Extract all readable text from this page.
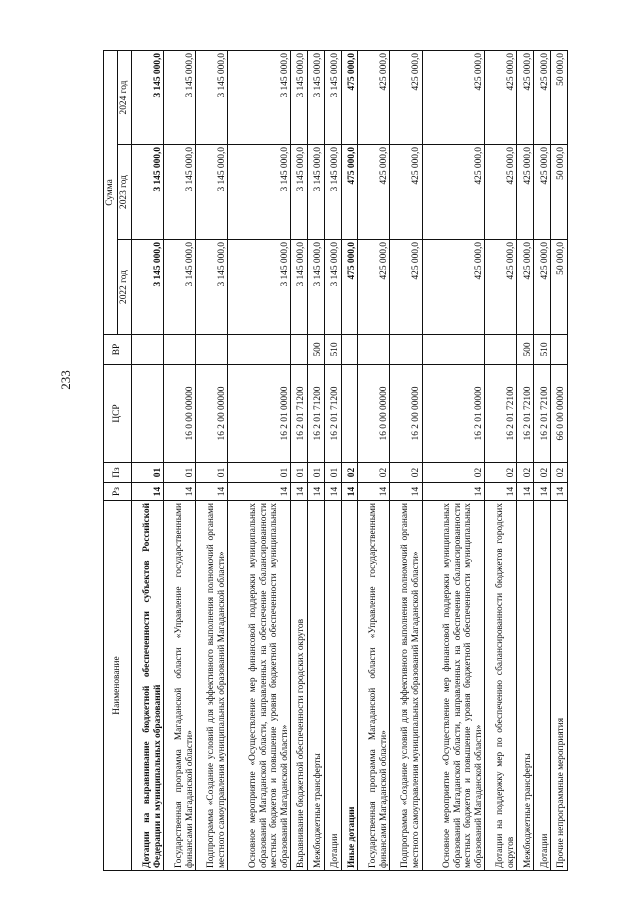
233
Наименование	Рз	Пз	ЦСР	ВР	Сумма		
					2022 год	2023 год	2024 год
Дотации на выравнивание бюджетной обеспеченности субъектов Российской Федерации и муниципальных образований	14	01			3 145 000,0	3 145 000,0	3 145 000,0
Государственная программа Магаданской области «Управление государственными финансами Магаданской области»	14	01	16 0 00 00000		3 145 000,0	3 145 000,0	3 145 000,0
Подпрограмма «Создание условий для эффективного выполнения полномочий органами местного самоуправления муниципальных образований Магаданской области»	14	01	16 2 00 00000		3 145 000,0	3 145 000,0	3 145 000,0
Основное мероприятие «Осуществление мер финансовой поддержки муниципальных образований Магаданской области, направленных на обеспечение сбалансированности местных бюджетов и повышение уровня бюджетной обеспеченности муниципальных образований Магаданской области»	14	01	16 2 01 00000		3 145 000,0	3 145 000,0	3 145 000,0
Выравнивание бюджетной обеспеченности городских округов	14	01	16 2 01 71200		3 145 000,0	3 145 000,0	3 145 000,0
Межбюджетные трансферты	14	01	16 2 01 71200	500	3 145 000,0	3 145 000,0	3 145 000,0
Дотации	14	01	16 2 01 71200	510	3 145 000,0	3 145 000,0	3 145 000,0
Иные дотации	14	02			475 000,0	475 000,0	475 000,0
Государственная программа Магаданской области «Управление государственными финансами Магаданской области»	14	02	16 0 00 00000		425 000,0	425 000,0	425 000,0
Подпрограмма «Создание условий для эффективного выполнения полномочий органами местного самоуправления муниципальных образований Магаданской области»	14	02	16 2 00 00000		425 000,0	425 000,0	425 000,0
Основное мероприятие «Осуществление мер финансовой поддержки муниципальных образований Магаданской области, направленных на обеспечение сбалансированности местных бюджетов и повышение уровня бюджетной обеспеченности муниципальных образований Магаданской области»	14	02	16 2 01 00000		425 000,0	425 000,0	425 000,0
Дотации на поддержку мер по обеспечению сбалансированности бюджетов городских округов	14	02	16 2 01 72100		425 000,0	425 000,0	425 000,0
Межбюджетные трансферты	14	02	16 2 01 72100	500	425 000,0	425 000,0	425 000,0
Дотации	14	02	16 2 01 72100	510	425 000,0	425 000,0	425 000,0
Прочие непрограммные мероприятия	14	02	66 0 00 00000		50 000,0	50 000,0	50 000,0
